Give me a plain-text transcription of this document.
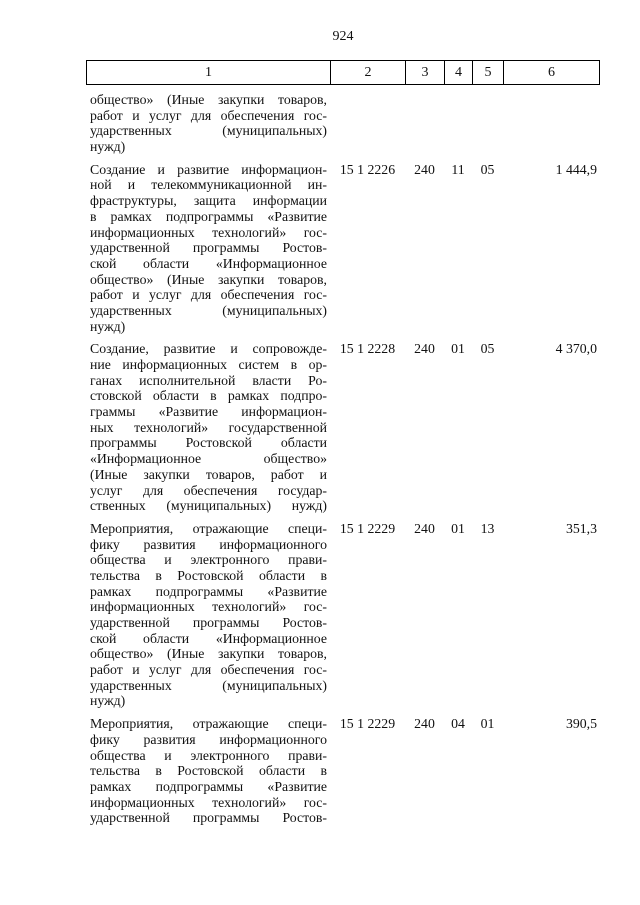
924
1	2	3	4	5	6
общество» (Иные закупки товаров,
работ и услуг для обеспечения гос-
ударственных (муниципальных)
нужд)
Создание и развитие информацион-
ной и телекоммуникационной ин-
фраструктуры, защита информации
в рамках подпрограммы «Развитие
информационных технологий» гос-
ударственной программы Ростов-
ской области «Информационное
общество» (Иные закупки товаров,
работ и услуг для обеспечения гос-
ударственных (муниципальных)
нужд)
15 1 2226	240	11	05	1 444,9
Создание, развитие и сопровожде-
ние информационных систем в ор-
ганах исполнительной власти Ро-
стовской области в рамках подпро-
граммы «Развитие информацион-
ных технологий» государственной
программы Ростовской области
«Информационное общество»
(Иные закупки товаров, работ и
услуг для обеспечения государ-
ственных (муниципальных) нужд)
15 1 2228	240	01	05	4 370,0
Мероприятия, отражающие специ-
фику развития информационного
общества и электронного прави-
тельства в Ростовской области в
рамках подпрограммы «Развитие
информационных технологий» гос-
ударственной программы Ростов-
ской области «Информационное
общество» (Иные закупки товаров,
работ и услуг для обеспечения гос-
ударственных (муниципальных)
нужд)
15 1 2229	240	01	13	351,3
Мероприятия, отражающие специ-
фику развития информационного
общества и электронного прави-
тельства в Ростовской области в
рамках подпрограммы «Развитие
информационных технологий» гос-
ударственной программы Ростов-
15 1 2229	240	04	01	390,5
